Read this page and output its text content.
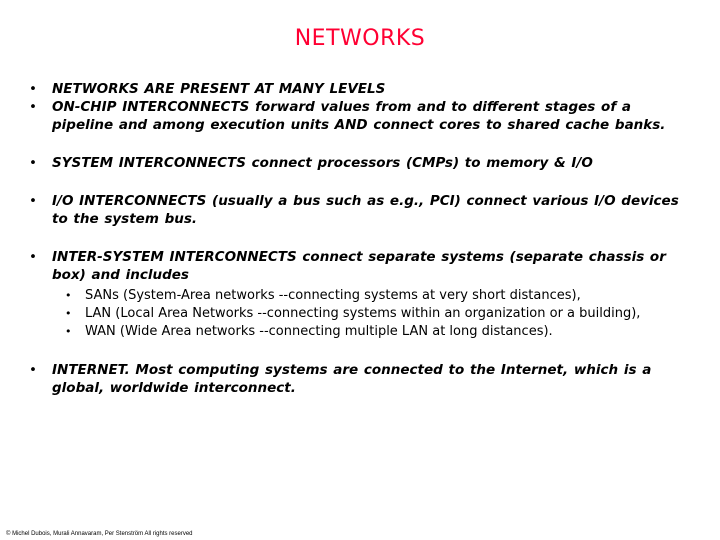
NETWORKS
• NETWORKS ARE PRESENT AT MANY LEVELS
• ON-CHIP INTERCONNECTS forward values from and to different stages of a pipeline and among execution units AND connect cores to shared cache banks.
• SYSTEM INTERCONNECTS connect processors (CMPs) to memory & I/O
• I/O INTERCONNECTS (usually a bus such as e.g., PCI) connect various I/O devices to the system bus.
• INTER-SYSTEM INTERCONNECTS connect separate systems (separate chassis or box) and includes
• SANs (System-Area networks --connecting systems at very short distances),
• LAN (Local Area Networks --connecting systems within an organization or a building),
• WAN (Wide Area networks --connecting multiple LAN at long distances).
• INTERNET. Most computing systems are connected to the Internet, which is a global, worldwide interconnect.
© Michel Dubois, Murali Annavaram, Per Stenström All rights reserved
